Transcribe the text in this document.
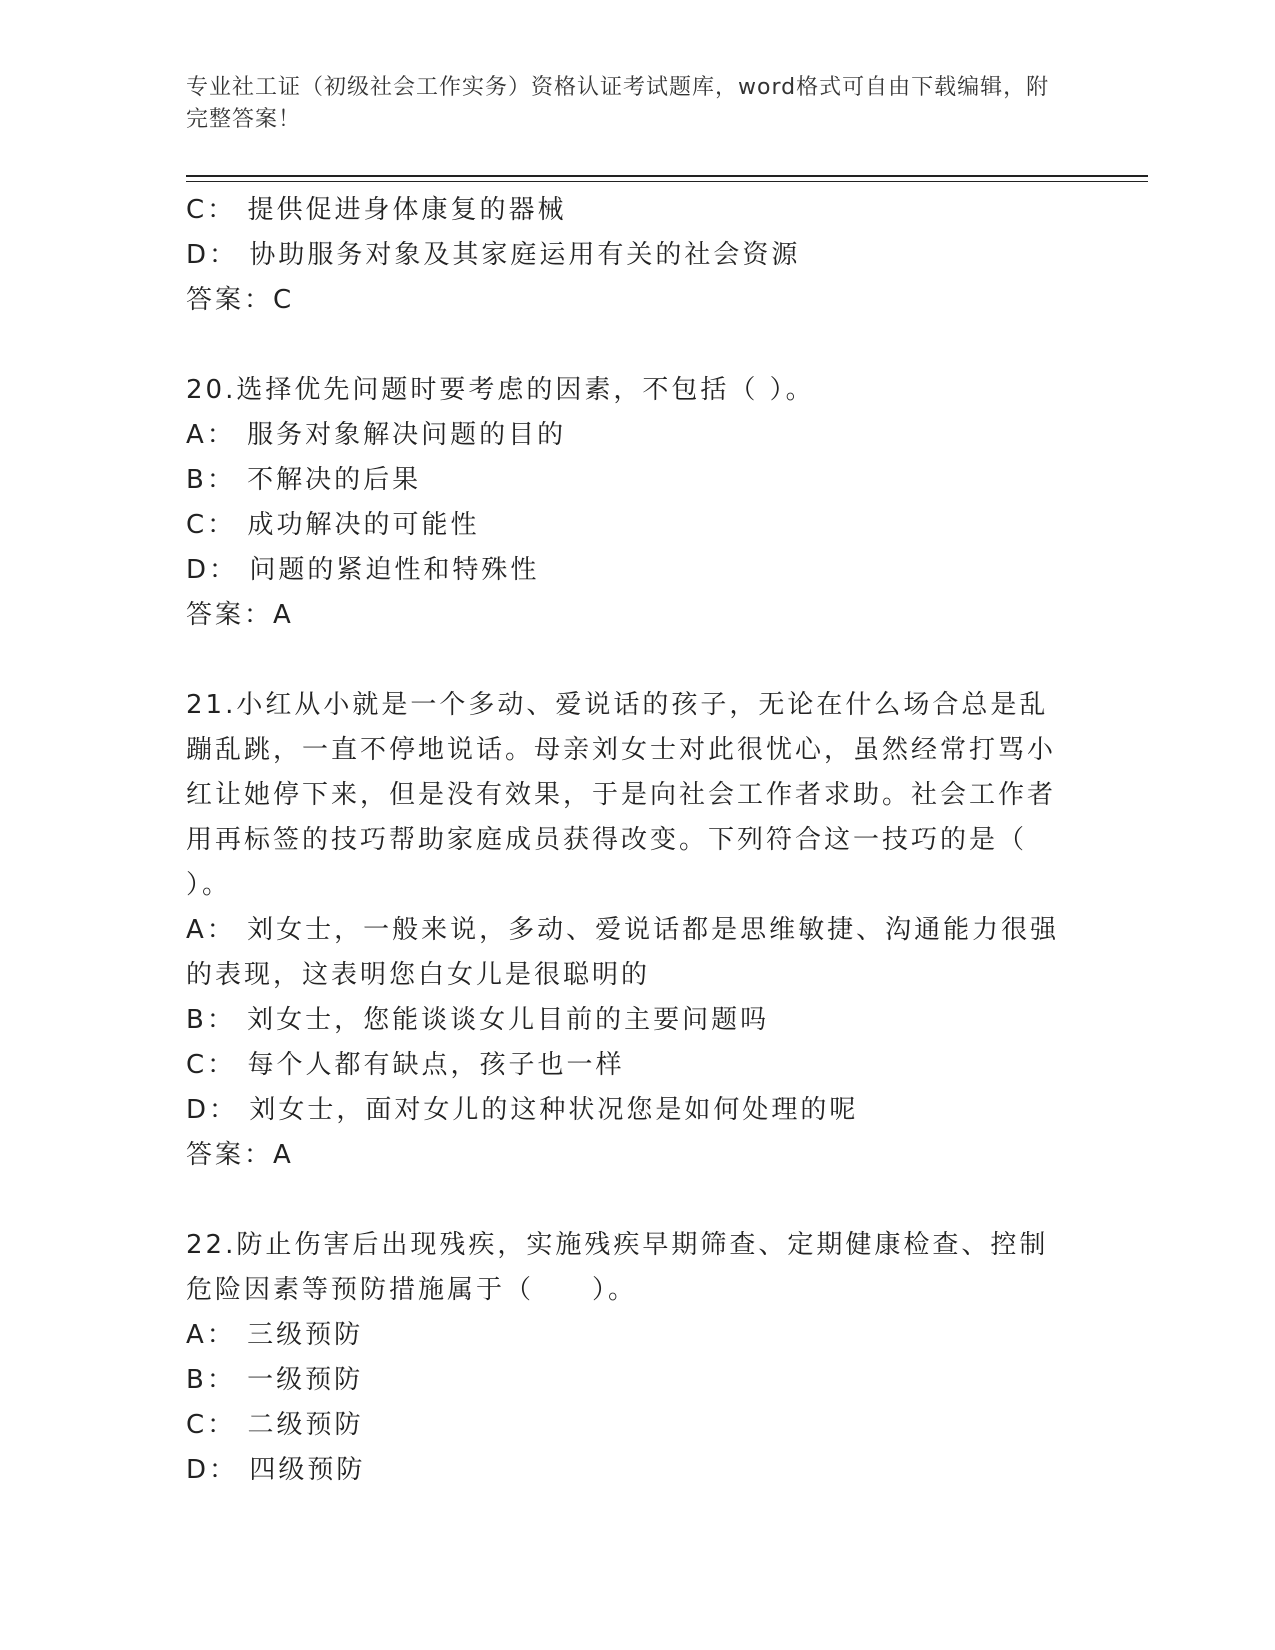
专业社工证（初级社会工作实务）资格认证考试题库，word格式可自由下载编辑，附完整答案！
C： 提供促进身体康复的器械
D： 协助服务对象及其家庭运用有关的社会资源
答案：C
20.选择优先问题时要考虑的因素，不包括（ ）。
A： 服务对象解决问题的目的
B： 不解决的后果
C： 成功解决的可能性
D： 问题的紧迫性和特殊性
答案：A
21.小红从小就是一个多动、爱说话的孩子，无论在什么场合总是乱蹦乱跳，一直不停地说话。母亲刘女士对此很忧心，虽然经常打骂小红让她停下来，但是没有效果，于是向社会工作者求助。社会工作者用再标签的技巧帮助家庭成员获得改变。下列符合这一技巧的是（ ）。
A： 刘女士，一般来说，多动、爱说话都是思维敏捷、沟通能力很强的表现，这表明您白女儿是很聪明的
B： 刘女士，您能谈谈女儿目前的主要问题吗
C： 每个人都有缺点，孩子也一样
D： 刘女士，面对女儿的这种状况您是如何处理的呢
答案：A
22.防止伤害后出现残疾，实施残疾早期筛查、定期健康检查、控制危险因素等预防措施属于（　　）。
A： 三级预防
B： 一级预防
C： 二级预防
D： 四级预防
